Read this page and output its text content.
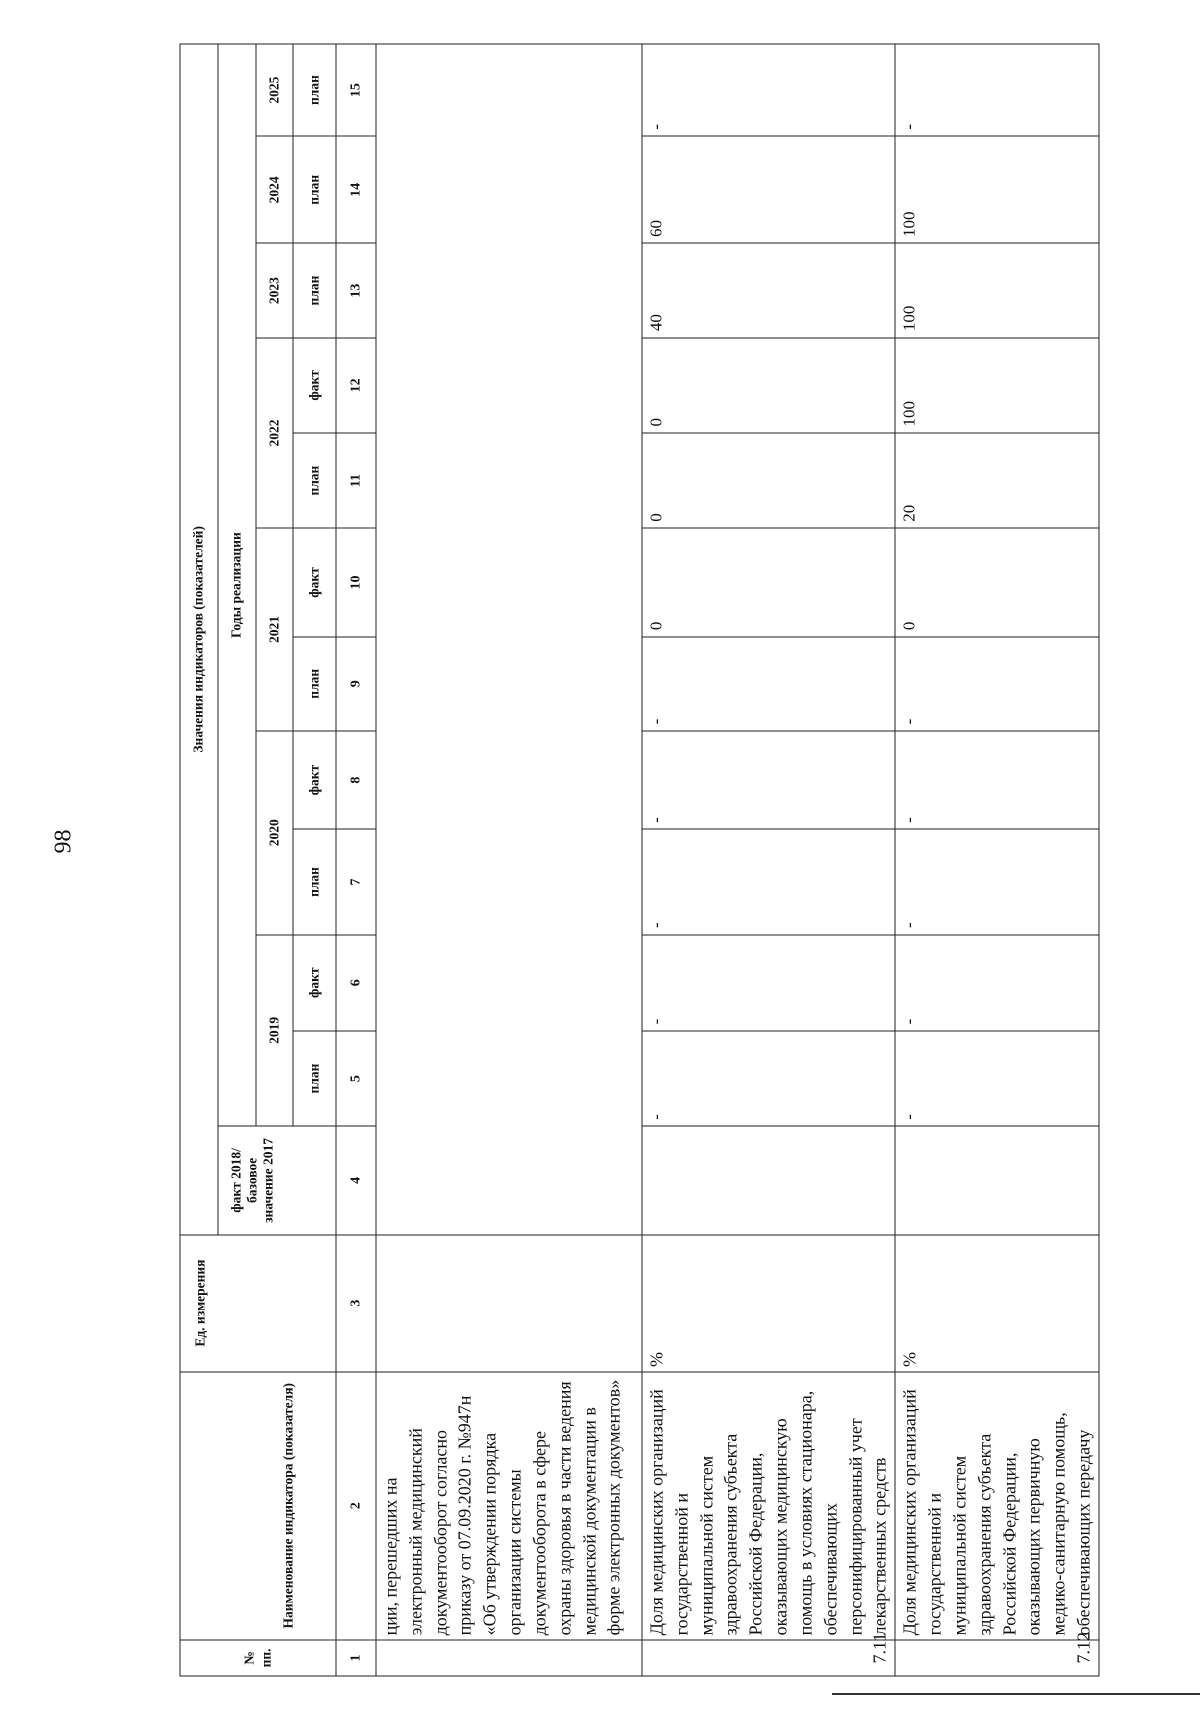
98
№ пп.	Наименование индикатора (показателя)	Ед. измерения	Значения индикаторов (показателей)											
			факт 2018/базовое значение 2017	Годы реализации										
				2019		2020		2021		2022		2023	2024	2025
				план	факт	план	факт	план	факт	план	факт	план	план	план
1	2	3	4	5	6	7	8	9	10	11	12	13	14	15
	ции, перешедших на электронный медицинский документооборот согласно приказу от 07.09.2020 г. №947н «Об утверждении порядка организации системы документооборота в сфере охраны здоровья в части ведения медицинской документации в форме электронных документов»													
7.11	Доля медицинских организаций государственной и муниципальной систем здравоохранения субъекта Российской Федерации, оказывающих медицинскую помощь в условиях стационара, обеспечивающих персонифицированный учет лекарственных средств	%		-	-	-	-	-	0	0	0	40	60	-
7.12	Доля медицинских организаций государственной и муниципальной систем здравоохранения субъекта Российской Федерации, оказывающих первичную медико-санитарную помощь, обеспечивающих передачу	%		-	-	-	-	-	0	20	100	100	100	-
